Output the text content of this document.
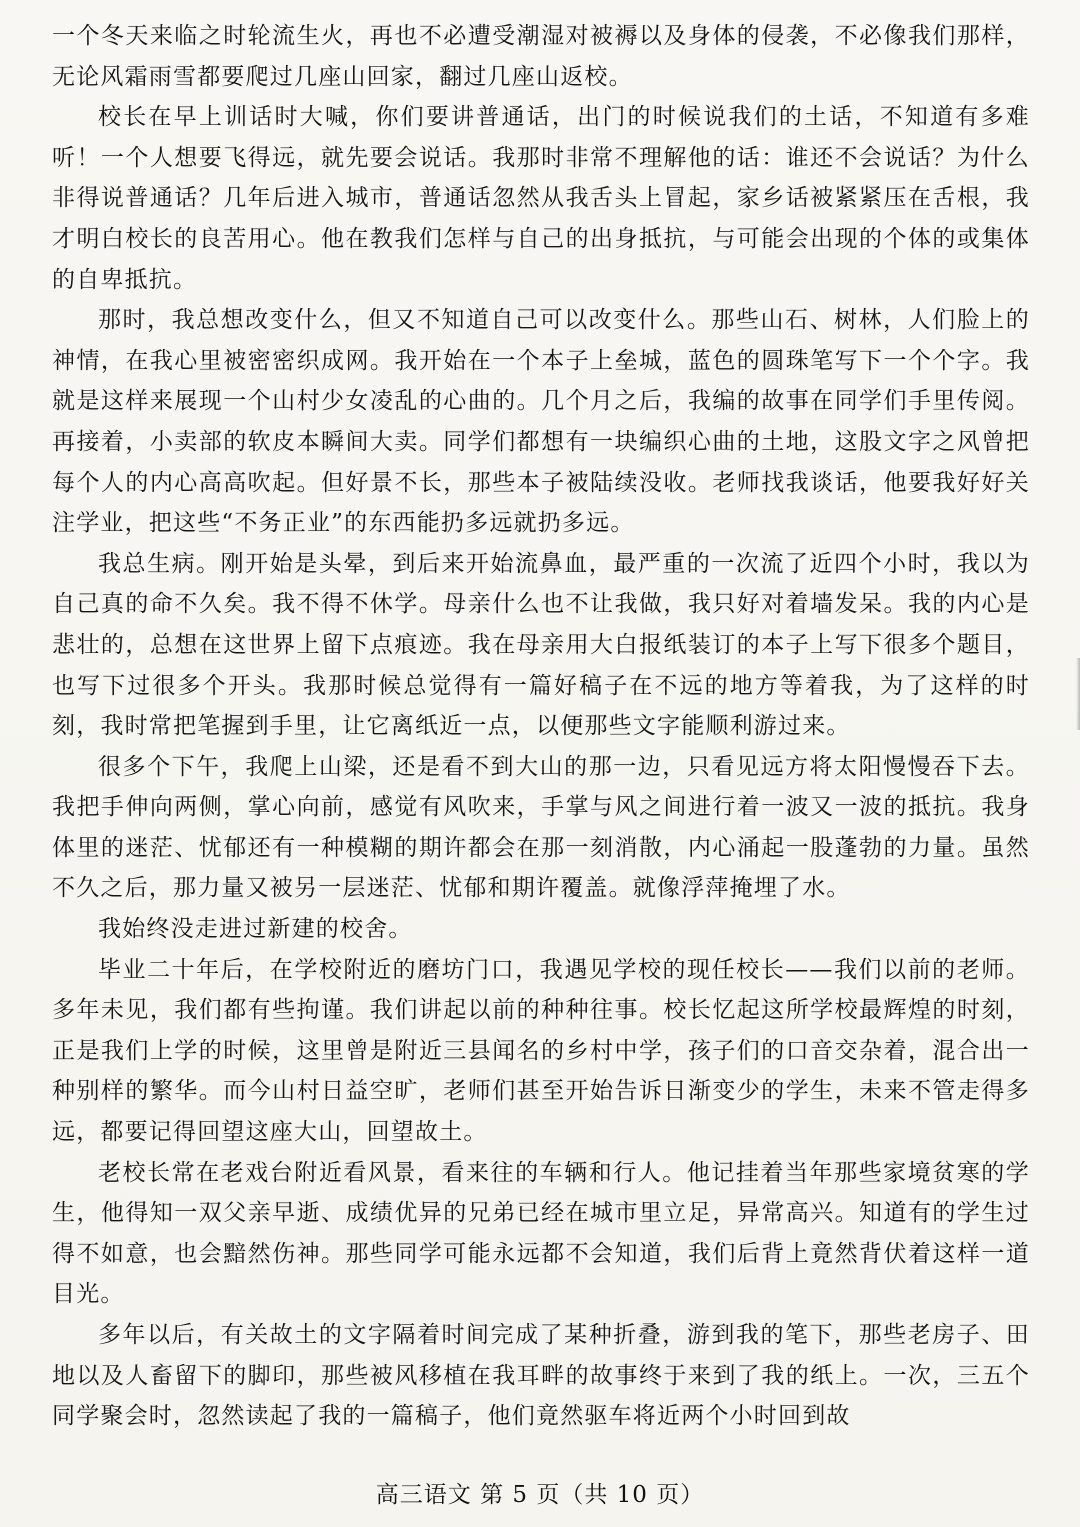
一个冬天来临之时轮流生火，再也不必遭受潮湿对被褥以及身体的侵袭，不必像我们那样，无论风霜雨雪都要爬过几座山回家，翻过几座山返校。

校长在早上训话时大喊，你们要讲普通话，出门的时候说我们的土话，不知道有多难听！一个人想要飞得远，就先要会说话。我那时非常不理解他的话：谁还不会说话？为什么非得说普通话？几年后进入城市，普通话忽然从我舌头上冒起，家乡话被紧紧压在舌根，我才明白校长的良苦用心。他在教我们怎样与自己的出身抵抗，与可能会出现的个体的或集体的自卑抵抗。

那时，我总想改变什么，但又不知道自己可以改变什么。那些山石、树林，人们脸上的神情，在我心里被密密织成网。我开始在一个本子上垒城，蓝色的圆珠笔写下一个个字。我就是这样来展现一个山村少女凌乱的心曲的。几个月之后，我编的故事在同学们手里传阅。再接着，小卖部的软皮本瞬间大卖。同学们都想有一块编织心曲的土地，这股文字之风曾把每个人的内心高高吹起。但好景不长，那些本子被陆续没收。老师找我谈话，他要我好好关注学业，把这些“不务正业”的东西能扔多远就扔多远。

我总生病。刚开始是头晕，到后来开始流鼻血，最严重的一次流了近四个小时，我以为自己真的命不久矣。我不得不休学。母亲什么也不让我做，我只好对着墙发呆。我的内心是悲壮的，总想在这世界上留下点痕迹。我在母亲用大白报纸装订的本子上写下很多个题目，也写下过很多个开头。我那时候总觉得有一篇好稿子在不远的地方等着我，为了这样的时刻，我时常把笔握到手里，让它离纸近一点，以便那些文字能顺利游过来。

很多个下午，我爬上山梁，还是看不到大山的那一边，只看见远方将太阳慢慢吞下去。我把手伸向两侧，掌心向前，感觉有风吹来，手掌与风之间进行着一波又一波的抵抗。我身体里的迷茫、忧郁还有一种模糊的期许都会在那一刻消散，内心涌起一股蓬勃的力量。虽然不久之后，那力量又被另一层迷茫、忧郁和期许覆盖。就像浮萍掩埋了水。

我始终没走进过新建的校舍。

毕业二十年后，在学校附近的磨坊门口，我遇见学校的现任校长——我们以前的老师。多年未见，我们都有些拘谨。我们讲起以前的种种往事。校长忆起这所学校最辉煌的时刻，正是我们上学的时候，这里曾是附近三县闻名的乡村中学，孩子们的口音交杂着，混合出一种别样的繁华。而今山村日益空旷，老师们甚至开始告诉日渐变少的学生，未来不管走得多远，都要记得回望这座大山，回望故土。

老校长常在老戏台附近看风景，看来往的车辆和行人。他记挂着当年那些家境贫寒的学生，他得知一双父亲早逝、成绩优异的兄弟已经在城市里立足，异常高兴。知道有的学生过得不如意，也会黯然伤神。那些同学可能永远都不会知道，我们后背上竟然背伏着这样一道目光。

多年以后，有关故土的文字隔着时间完成了某种折叠，游到我的笔下，那些老房子、田地以及人畜留下的脚印，那些被风移植在我耳畔的故事终于来到了我的纸上。一次，三五个同学聚会时，忽然读起了我的一篇稿子，他们竟然驱车将近两个小时回到故

高三语文 第 5 页（共 10 页）
